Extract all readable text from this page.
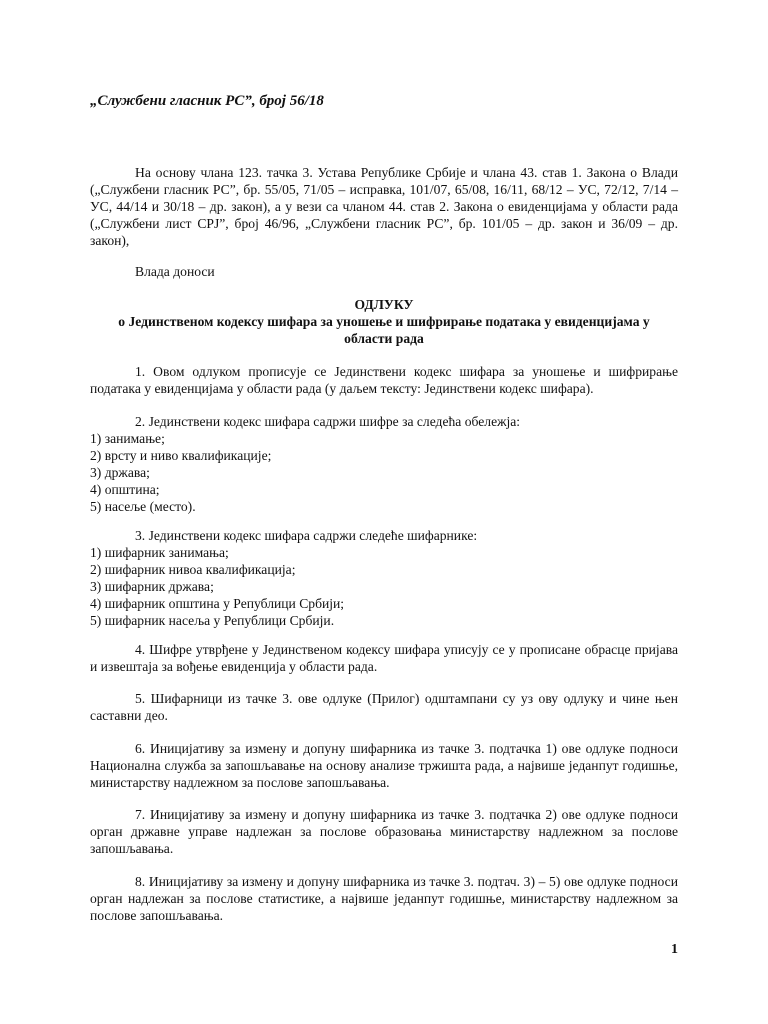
„Службени гласник РС”, број 56/18

На основу члана 123. тачка 3. Устава Републике Србије и члана 43. став 1. Закона о Влади („Службени гласник РС”, бр. 55/05, 71/05 – исправка, 101/07, 65/08, 16/11, 68/12 – УС, 72/12, 7/14 – УС, 44/14 и 30/18 – др. закон), а у вези са чланом 44. став 2. Закона о евиденцијама у области рада („Службени лист СРЈ”, број 46/96, „Службени гласник РС”, бр. 101/05 – др. закон и 36/09 – др. закон),

Влада доноси

ОДЛУКУ
о Јединственом кодексу шифара за уношење и шифрирање података у евиденцијама у
области рада

1. Овом одлуком прописује се Јединствени кодекс шифара за уношење и шифрирање података у евиденцијама у области рада (у даљем тексту: Јединствени кодекс шифара).

2. Јединствени кодекс шифара садржи шифре за следећа обележја:

1) занимање;
2) врсту и ниво квалификације;
3) држава;
4) општина;
5) насеље (место).

3. Јединствени кодекс шифара садржи следеће шифарнике:

1) шифарник занимања;
2) шифарник нивоа квалификација;
3) шифарник држава;
4) шифарник општина у Републици Србији;
5) шифарник насеља у Републици Србији.

4. Шифре утврђене у Јединственом кодексу шифара уписују се у прописане обрасце пријава и извештаја за вођење евиденција у области рада.

5. Шифарници из тачке 3. ове одлуке (Прилог) одштампани су уз ову одлуку и чине њен саставни део.

6. Иницијативу за измену и допуну шифарника из тачке 3. подтачка 1) ове одлуке подноси Национална служба за запошљавање на основу анализе тржишта рада, а највише једанпут годишње, министарству надлежном за послове запошљавања.

7. Иницијативу за измену и допуну шифарника из тачке 3. подтачка 2) ове одлуке подноси орган државне управе надлежан за послове образовања министарству надлежном за послове запошљавања.

8. Иницијативу за измену и допуну шифарника из тачке 3. подтач. 3) – 5) ове одлуке подноси орган надлежан за послове статистике, а највише једанпут годишње, министарству надлежном за послове запошљавања.

1
